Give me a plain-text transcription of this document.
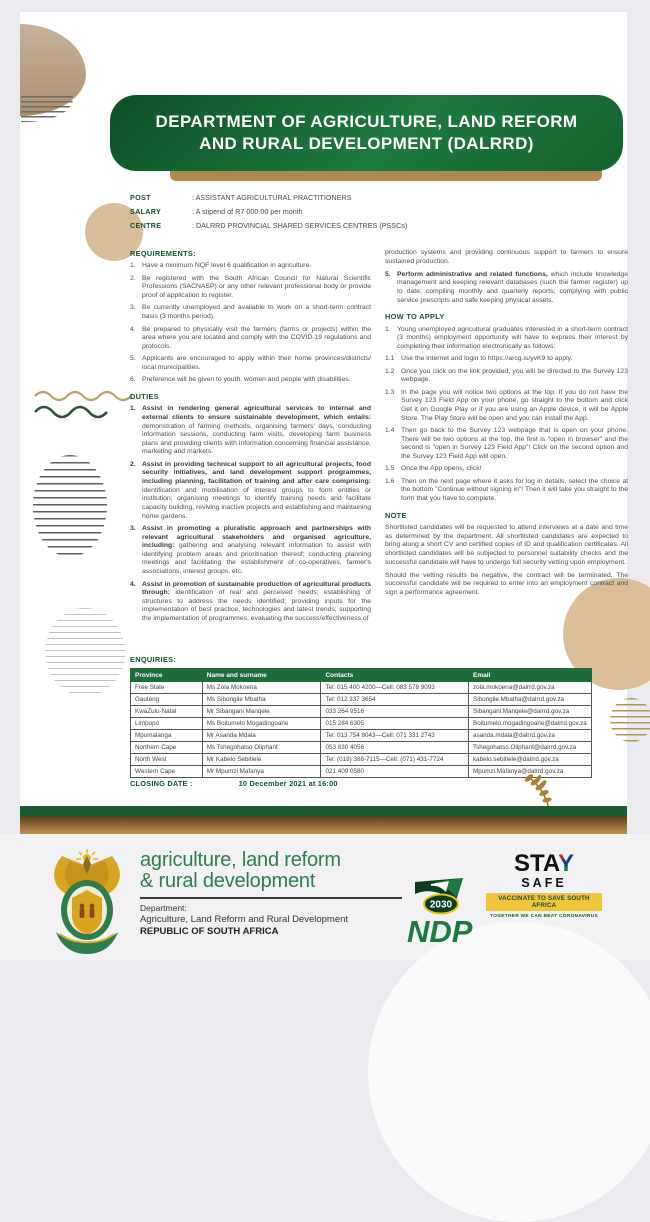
DEPARTMENT OF AGRICULTURE, LAND REFORM
AND RURAL DEVELOPMENT (DALRRD)
POST	: ASSISTANT AGRICULTURAL PRACTITIONERS
SALARY	: A stipend of R7 000.00 per month
CENTRE	: DALRRD PROVINCIAL SHARED SERVICES CENTRES (PSSCs)
REQUIREMENTS:
1. Have a minimum NQF level 6 qualification in agriculture.
2. Be registered with the South African Council for Natural Scientific Professions (SACNASP) or any other relevant professional body or provide proof of application to register.
3. Be currently unemployed and available to work on a short-term contract basis (3 months period).
4. Be prepared to physically visit the farmers (farms or projects) within the area where you are located and comply with the COVID-19 regulations and protocols.
5. Applicants are encouraged to apply within their home provinces/districts/ local municipalities.
6. Preference will be given to youth, women and people with disabilities.
DUTIES
1. Assist in rendering general agricultural services to internal and external clients to ensure sustainable development, which entails: demonstration of farming methods, organising farmers' days, conducting information sessions, conducting farm visits, developing farm business plans and providing clients with information concerning financial assistance, marketing and markets.
2. Assist in providing technical support to all agricultural projects, food security initiatives, and land development support programmes, including planning, facilitation of training and after care comprising: identification and mobilisation of interest groups to form entities or institution; organising meetings to identify training needs and facilitate capacity building, reviving inactive projects and establishing and maintaining home gardens.
3. Assist in promoting a pluralistic approach and partnerships with relevant agricultural stakeholders and organised agriculture, including: gathering and analysing relevant information to assist with identifying problem areas and prioritisation thereof; conducting planning meetings and facilitating the establishment of co-operatives, farmer's associations, interest groups, etc.
4. Assist in promotion of sustainable production of agricultural products through: identification of real and perceived needs; establishing of structures to address the needs identified; providing inputs for the implementation of best practice, technologies and latest trends; supporting the implementation of programmes; evaluating the success/effectiveness of

production systems and providing continuous support to farmers to ensure sustained production.

5. Perform administrative and related functions, which include knowledge management and keeping relevant databases (such the farmer register) up to date; compiling monthly and quarterly reports; complying with public service prescripts and safe keeping physical assets.
HOW TO APPLY
1. Young unemployed agricultural graduates interested in a short-term contract (3 months) employment opportunity will have to express their interest by completing their information electronically as follows:
1.1 Use the internet and login to https://arcg.is/yvK9 to apply.
1.2 Once you click on the link provided, you will be directed to the Survey 123 webpage.
1.3 In the page you will notice two options at the top. If you do not have the Survey 123 Field App on your phone, go straight to the bottom and click Get it on Google Play or if you are using an Apple device, it will be Apple Store. The Play Store will be open and you can install the App.
1.4 Then go back to the Survey 123 webpage that is open on your phone. There will be two options at the top, the first is "open in browser" and the second is "open in Survey 123 Field App"! Click on the second option and the Survey 123 Field App will open.
1.5 Once the App opens, click!
1.6 Then on the next page where it asks for log in details, select the choice at the bottom "Continue without signing in"! Then it will take you straight to the form that you have to complete.
NOTE

Shortlisted candidates will be requested to attend interviews at a date and time as determined by the department. All shortlisted candidates are expected to bring along a short CV and certified copies of ID and qualification certificates. All shortlisted candidates will be subjected to personnel suitability checks and the successful candidate will have to undergo full security vetting upon employment.

Should the vetting results be negative, the contract will be terminated. The successful candidate will be required to enter into an employment contract and sign a performance agreement.

ENQUIRIES:
Province	Name and surname	Contacts	Email
Free State	Ms Zola Mokoena	Tel: 015 400 4200—Cell: 083 578 9093	zola.mokoena@dalrrd.gov.za
Gauteng	Ms Sibongile Mbatha	Tel: 012 337 3654	Sibongile.Mbatha@dalrrd.gov.za
KwaZulu-Natal	Mr Sibangani Manqele	033 264 9516	Sibangani.Manqele@dalrrd.gov.za
Limpopo	Ms Boitumelo Mogadingoane	015 284 6305	Boitumelo.mogadingoane@dalrrd.gov.za
Mpumalanga	Mr Asanda Mdala	Tel: 013 754 8043—Cell: 071 331 2743	asanda.mdala@dalrrd.gov.za
Northern Cape	Ms Tshegohatso Oliphant	053 830 4056	Tshegohatso.Oliphant@dalrrd.gov.za
North West	Mr Kabelo Sebitiele	Tel: (018) 388-7115—Cell: (071) 431-7724	kabelo.sebitiele@dalrrd.gov.za
Western Cape	Mr Mpumzi Mafanya	021 409 0580	Mpumzi.Mafanya@dalrrd.gov.za
CLOSING DATE :	10 December 2021 at 16:00
agriculture, land reform
& rural development
Department:
Agriculture, Land Reform and Rural Development
REPUBLIC OF SOUTH AFRICA
2030
NDP
STAY
SAFE
VACCINATE TO SAVE SOUTH AFRICA
TOGETHER WE CAN BEAT CORONAVIRUS
